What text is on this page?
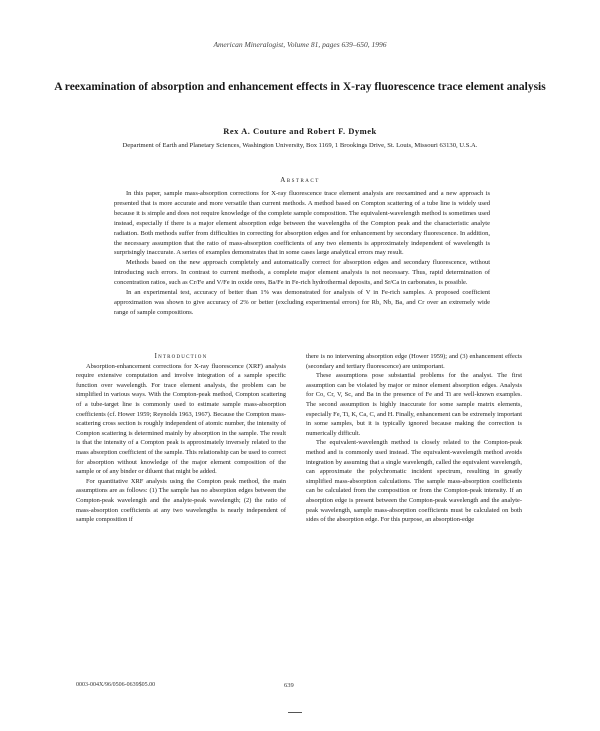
American Mineralogist, Volume 81, pages 639–650, 1996
A reexamination of absorption and enhancement effects in X-ray fluorescence trace element analysis
Rex A. Couture and Robert F. Dymek
Department of Earth and Planetary Sciences, Washington University, Box 1169, 1 Brookings Drive, St. Louis, Missouri 63130, U.S.A.
Abstract

In this paper, sample mass-absorption corrections for X-ray fluorescence trace element analysis are reexamined and a new approach is presented that is more accurate and more versatile than current methods. A method based on Compton scattering of a tube line is widely used because it is simple and does not require knowledge of the complete sample composition. The equivalent-wavelength method is sometimes used instead, especially if there is a major element absorption edge between the wavelengths of the Compton peak and the characteristic analyte radiation. Both methods suffer from difficulties in correcting for absorption edges and for enhancement by secondary fluorescence. In addition, the necessary assumption that the ratio of mass-absorption coefficients of any two elements is approximately independent of wavelength is surprisingly inaccurate. A series of examples demonstrates that in some cases large analytical errors may result.

Methods based on the new approach completely and automatically correct for absorption edges and secondary fluorescence, without introducing such errors. In contrast to current methods, a complete major element analysis is not necessary. Thus, rapid determination of concentration ratios, such as Cr/Fe and V/Fe in oxide ores, Ba/Fe in Fe-rich hydrothermal deposits, and Sr/Ca in carbonates, is possible.

In an experimental test, accuracy of better than 1% was demonstrated for analysis of V in Fe-rich samples. A proposed coefficient approximation was shown to give accuracy of 2% or better (excluding experimental errors) for Rb, Nb, Ba, and Cr over an extremely wide range of sample compositions.

Introduction

Absorption-enhancement corrections for X-ray fluorescence (XRF) analysis require extensive computation and involve integration of a sample specific function over wavelength. For trace element analysis, the problem can be simplified in various ways. With the Compton-peak method, Compton scattering of a tube-target line is commonly used to estimate sample mass-absorption coefficients (cf. Hower 1959; Reynolds 1963, 1967). Because the Compton mass-scattering cross section is roughly independent of atomic number, the intensity of Compton scattering is determined mainly by absorption in the sample. The result is that the intensity of a Compton peak is approximately inversely related to the mass absorption coefficient of the sample. This relationship can be used to correct for absorption without knowledge of the major element composition of the sample or of any binder or diluent that might be added.

For quantitative XRF analysis using the Compton peak method, the main assumptions are as follows: (1) The sample has no absorption edges between the Compton-peak wavelength and the analyte-peak wavelength; (2) the ratio of mass-absorption coefficients at any two wavelengths is nearly independent of sample composition if

there is no intervening absorption edge (Hower 1959); and (3) enhancement effects (secondary and tertiary fluorescence) are unimportant.

These assumptions pose substantial problems for the analyst. The first assumption can be violated by major or minor element absorption edges. Analysis for Co, Cr, V, Sc, and Ba in the presence of Fe and Ti are well-known examples. The second assumption is highly inaccurate for some sample matrix elements, especially Fe, Ti, K, Ca, C, and H. Finally, enhancement can be extremely important in some samples, but it is typically ignored because making the correction is numerically difficult.

The equivalent-wavelength method is closely related to the Compton-peak method and is commonly used instead. The equivalent-wavelength method avoids integration by assuming that a single wavelength, called the equivalent wavelength, can approximate the polychromatic incident spectrum, resulting in greatly simplified mass-absorption calculations. The sample mass-absorption coefficients can be calculated from the composition or from the Compton-peak intensity. If an absorption edge is present between the Compton-peak wavelength and the analyte-peak wavelength, sample mass-absorption coefficients must be calculated on both sides of the absorption edge. For this purpose, an absorption-edge

0003-004X/96/0506-0639$05.00	639
